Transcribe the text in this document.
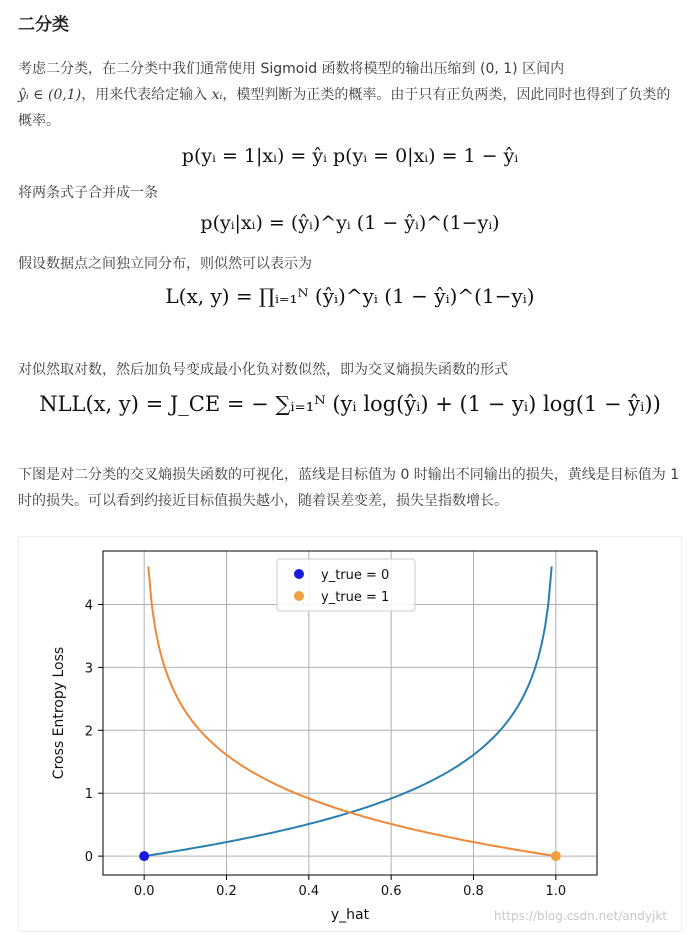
二分类
考虑二分类，在二分类中我们通常使用 Sigmoid 函数将模型的输出压缩到 (0, 1) 区间内
ŷᵢ ∈ (0,1)，用来代表给定输入 xᵢ，模型判断为正类的概率。由于只有正负两类，因此同时也得到了负类的概率。
p(yᵢ = 1|xᵢ) = ŷᵢ p(yᵢ = 0|xᵢ) = 1 − ŷᵢ
将两条式子合并成一条
p(yᵢ|xᵢ) = (ŷᵢ)^yᵢ (1 − ŷᵢ)^(1−yᵢ)
假设数据点之间独立同分布，则似然可以表示为
L(x, y) = ∏ᵢ₌₁ᴺ (ŷᵢ)^yᵢ (1 − ŷᵢ)^(1−yᵢ)
对似然取对数，然后加负号变成最小化负对数似然，即为交叉熵损失函数的形式
NLL(x, y) = J_CE = − ∑ᵢ₌₁ᴺ (yᵢ log(ŷᵢ) + (1 − yᵢ) log(1 − ŷᵢ))
下图是对二分类的交叉熵损失函数的可视化，蓝线是目标值为 0 时输出不同输出的损失，黄线是目标值为 1 时的损失。可以看到约接近目标值损失越小，随着误差变差，损失呈指数增长。
0.0	0.2	0.4	0.6	0.8	1.0
0
1
2
3
4
y_hat
Cross Entropy Loss
y_true = 0
y_true = 1
https://blog.csdn.net/andyjkt
